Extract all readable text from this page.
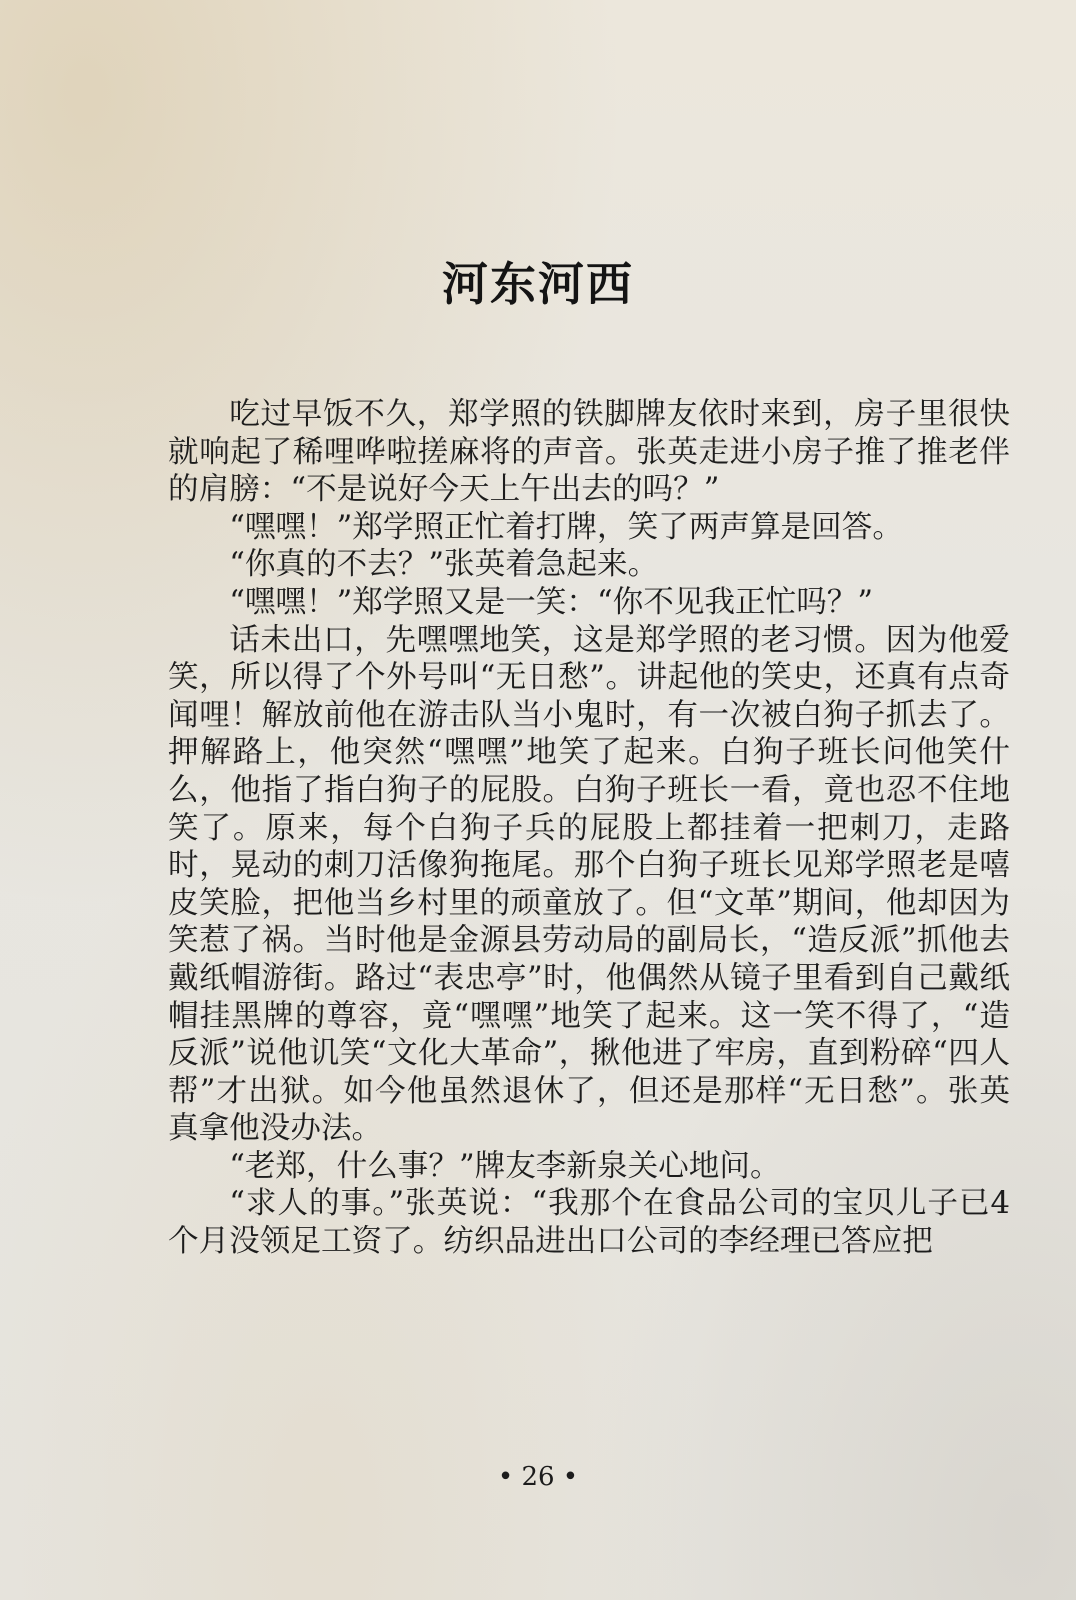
河东河西

吃过早饭不久，郑学照的铁脚牌友依时来到，房子里很快就响起了稀哩哗啦搓麻将的声音。张英走进小房子推了推老伴的肩膀：“不是说好今天上午出去的吗？”

“嘿嘿！”郑学照正忙着打牌，笑了两声算是回答。

“你真的不去？”张英着急起来。

“嘿嘿！”郑学照又是一笑：“你不见我正忙吗？”

话未出口，先嘿嘿地笑，这是郑学照的老习惯。因为他爱笑，所以得了个外号叫“无日愁”。讲起他的笑史，还真有点奇闻哩！解放前他在游击队当小鬼时，有一次被白狗子抓去了。押解路上，他突然“嘿嘿”地笑了起来。白狗子班长问他笑什么，他指了指白狗子的屁股。白狗子班长一看，竟也忍不住地笑了。原来，每个白狗子兵的屁股上都挂着一把刺刀，走路时，晃动的刺刀活像狗拖尾。那个白狗子班长见郑学照老是嘻皮笑脸，把他当乡村里的顽童放了。但“文革”期间，他却因为笑惹了祸。当时他是金源县劳动局的副局长，“造反派”抓他去戴纸帽游街。路过“表忠亭”时，他偶然从镜子里看到自己戴纸帽挂黑牌的尊容，竟“嘿嘿”地笑了起来。这一笑不得了，“造反派”说他讥笑“文化大革命”，揪他进了牢房，直到粉碎“四人帮”才出狱。如今他虽然退休了，但还是那样“无日愁”。张英真拿他没办法。

“老郑，什么事？”牌友李新泉关心地问。

“求人的事。”张英说：“我那个在食品公司的宝贝儿子已4个月没领足工资了。纺织品进出口公司的李经理已答应把

• 26 •
